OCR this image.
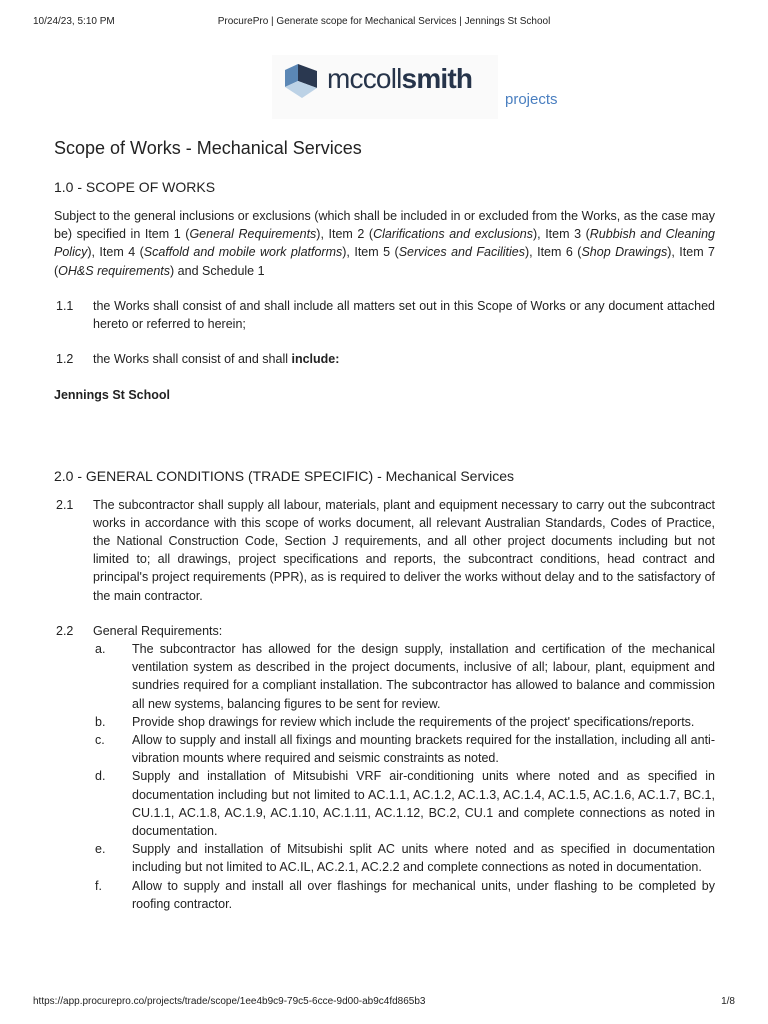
10/24/23, 5:10 PM	ProcurePro | Generate scope for Mechanical Services | Jennings St School
mccollsmith
projects
Scope of Works - Mechanical Services
1.0 - SCOPE OF WORKS

Subject to the general inclusions or exclusions (which shall be included in or excluded from the Works, as the case may be) specified in Item 1 (General Requirements), Item 2 (Clarifications and exclusions), Item 3 (Rubbish and Cleaning Policy), Item 4 (Scaffold and mobile work platforms), Item 5 (Services and Facilities), Item 6 (Shop Drawings), Item 7 (OH&S requirements) and Schedule 1

1.1 the Works shall consist of and shall include all matters set out in this Scope of Works or any document attached hereto or referred to herein;
1.2 the Works shall consist of and shall include:

Jennings St School

2.0 - GENERAL CONDITIONS (TRADE SPECIFIC) - Mechanical Services
2.1 The subcontractor shall supply all labour, materials, plant and equipment necessary to carry out the subcontract works in accordance with this scope of works document, all relevant Australian Standards, Codes of Practice, the National Construction Code, Section J requirements, and all other project documents including but not limited to; all drawings, project specifications and reports, the subcontract conditions, head contract and principal's project requirements (PPR), as is required to deliver the works without delay and to the satisfactory of the main contractor.
2.2 General Requirements:
a. The subcontractor has allowed for the design supply, installation and certification of the mechanical ventilation system as described in the project documents, inclusive of all; labour, plant, equipment and sundries required for a compliant installation. The subcontractor has allowed to balance and commission all new systems, balancing figures to be sent for review.
b. Provide shop drawings for review which include the requirements of the project' specifications/reports.
c. Allow to supply and install all fixings and mounting brackets required for the installation, including all anti-vibration mounts where required and seismic constraints as noted.
d. Supply and installation of Mitsubishi VRF air-conditioning units where noted and as specified in documentation including but not limited to AC.1.1, AC.1.2, AC.1.3, AC.1.4, AC.1.5, AC.1.6, AC.1.7, BC.1, CU.1.1, AC.1.8, AC.1.9, AC.1.10, AC.1.11, AC.1.12, BC.2, CU.1 and complete connections as noted in documentation.
e. Supply and installation of Mitsubishi split AC units where noted and as specified in documentation including but not limited to AC.IL, AC.2.1, AC.2.2 and complete connections as noted in documentation.
f. Allow to supply and install all over flashings for mechanical units, under flashing to be completed by roofing contractor.
https://app.procurepro.co/projects/trade/scope/1ee4b9c9-79c5-6cce-9d00-ab9c4fd865b3	1/8
